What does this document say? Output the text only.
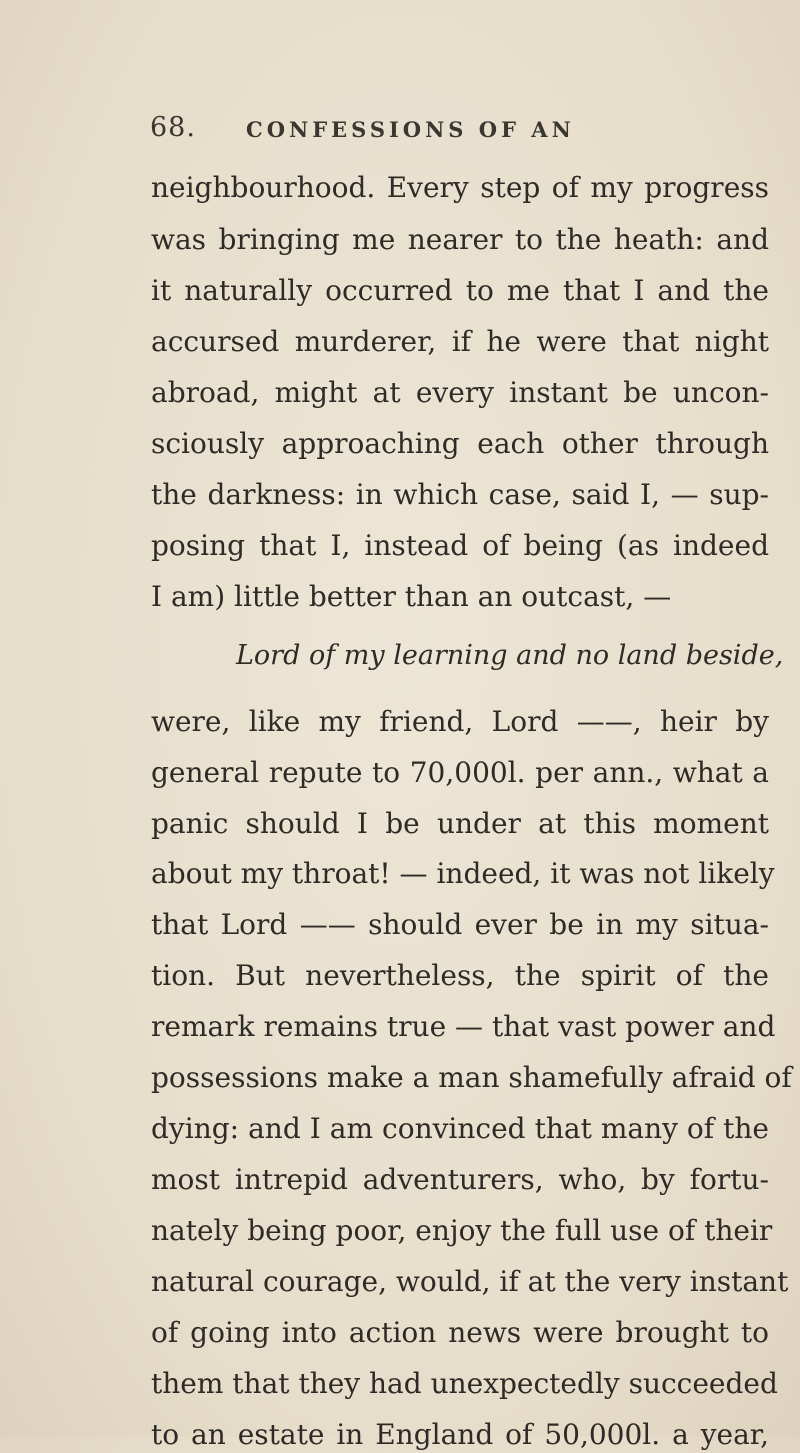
68. CONFESSIONS OF AN
neighbourhood. Every step of my progress
was bringing me nearer to the heath: and
it naturally occurred to me that I and the
accursed murderer, if he were that night
abroad, might at every instant be uncon-
sciously approaching each other through
the darkness: in which case, said I, — sup-
posing that I, instead of being (as indeed
I am) little better than an outcast, —
Lord of my learning and no land beside,
were, like my friend, Lord ——, heir by
general repute to 70,000l. per ann., what a
panic should I be under at this moment
about my throat! — indeed, it was not likely
that Lord —— should ever be in my situa-
tion. But nevertheless, the spirit of the
remark remains true — that vast power and
possessions make a man shamefully afraid of
dying: and I am convinced that many of the
most intrepid adventurers, who, by fortu-
nately being poor, enjoy the full use of their
natural courage, would, if at the very instant
of going into action news were brought to
them that they had unexpectedly succeeded
to an estate in England of 50,000l. a year,
